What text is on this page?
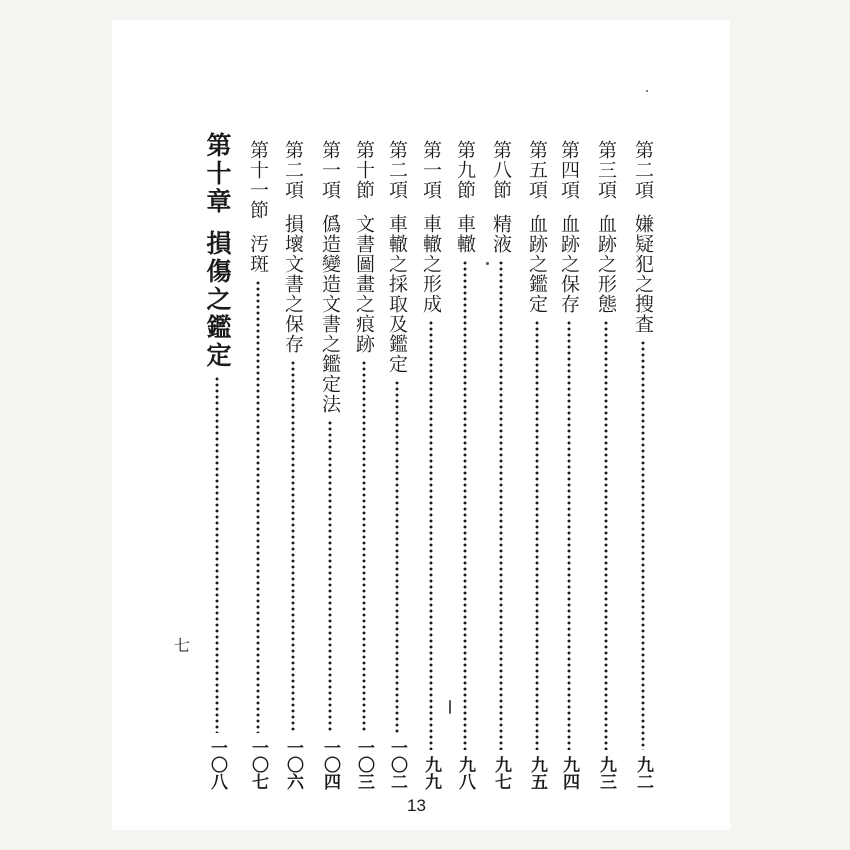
第二項
嫌疑犯之搜査
九二
第三項
血跡之形態
九三
第四項
血跡之保存
九四
第五項
血跡之鑑定
九五
第八節
精液
九七
第九節
車轍
九八
第一項
車轍之形成
九九
第二項
車轍之採取及鑑定
一〇二
第十節
文書圖畫之痕跡
一〇三
第一項
僞造變造文書之鑑定法
一〇四
第二項
損壞文書之保存
一〇六
第十一節
汚斑
一〇七
第十章
損傷之鑑定
一〇八
七
13
